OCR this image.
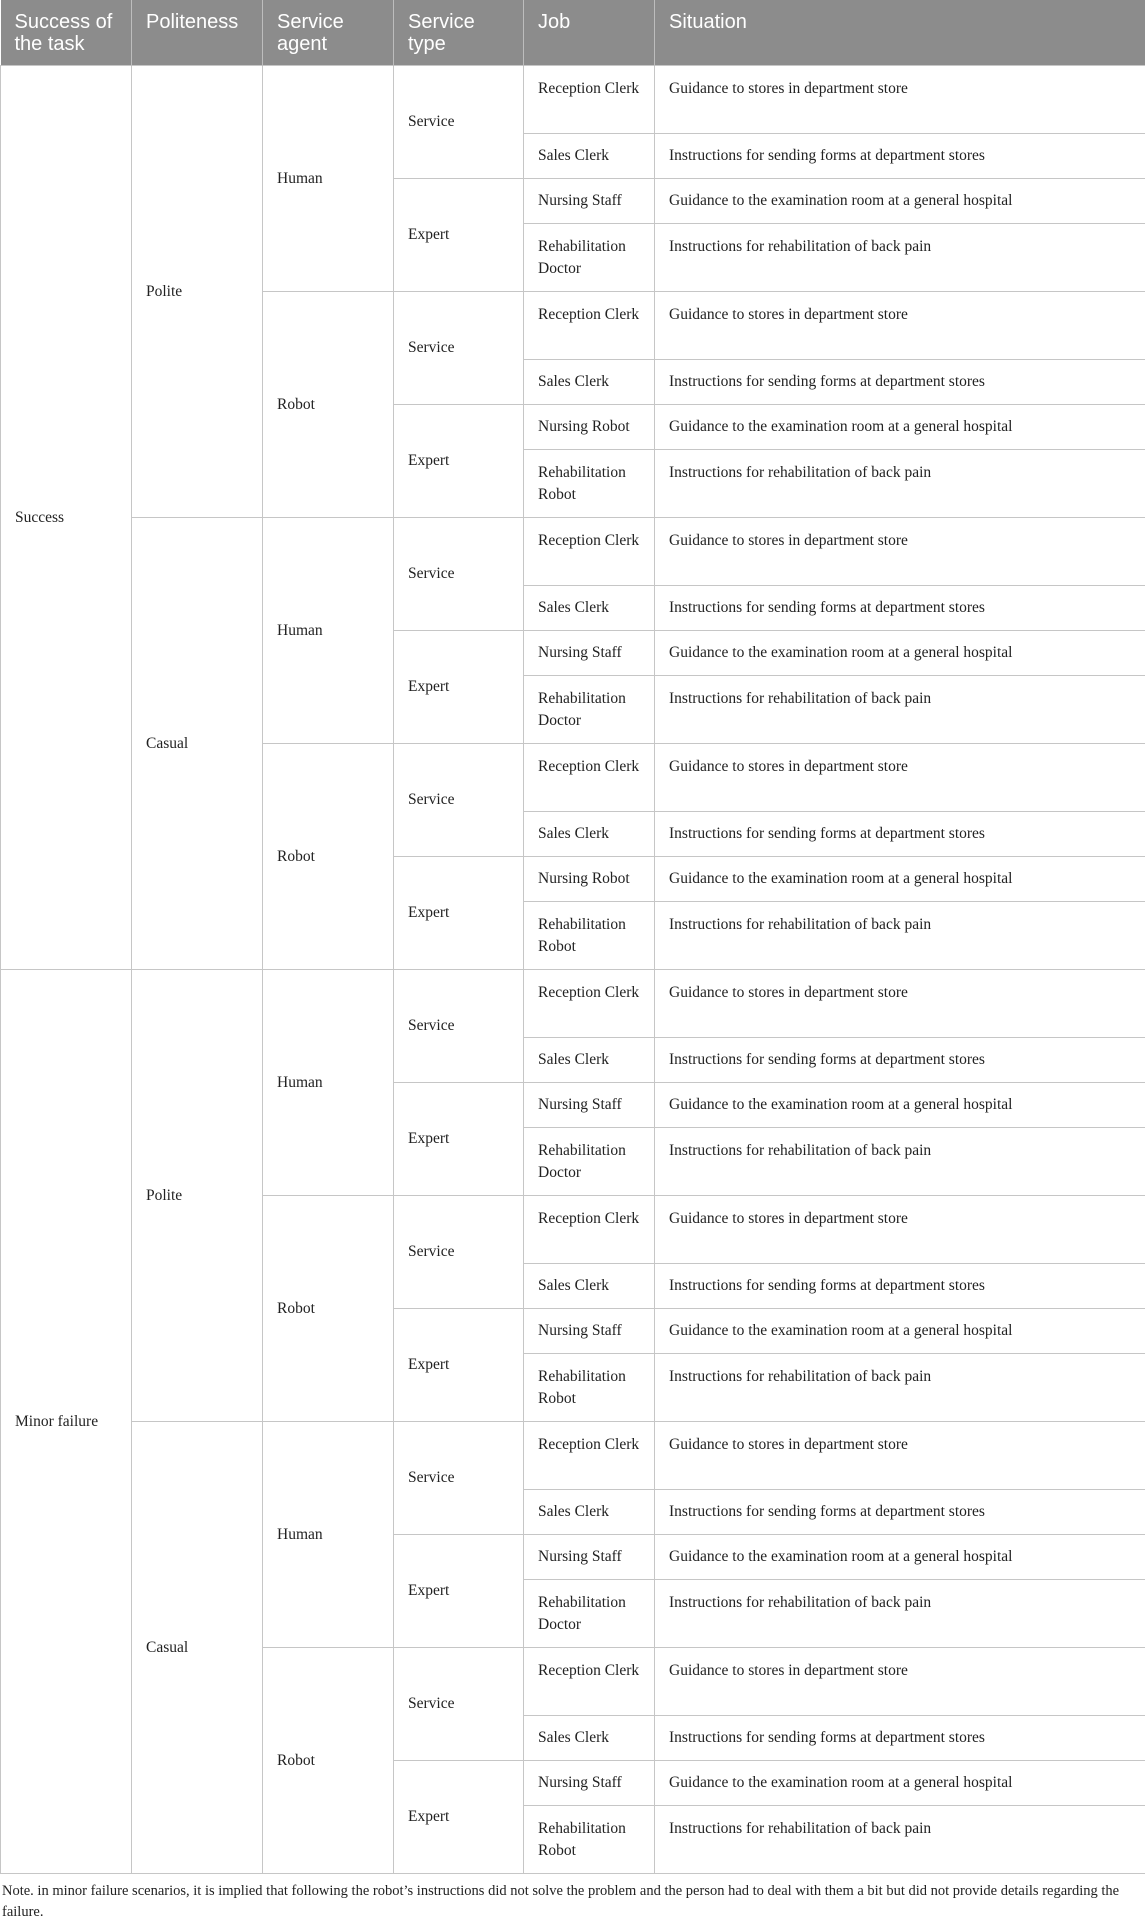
Success of the task	Politeness	Service agent	Service type	Job	Situation
Success	Polite	Human	Service	Reception Clerk	Guidance to stores in department store
				Sales Clerk	Instructions for sending forms at department stores
			Expert	Nursing Staff	Guidance to the examination room at a general hospital
				Rehabilitation Doctor	Instructions for rehabilitation of back pain
		Robot	Service	Reception Clerk	Guidance to stores in department store
				Sales Clerk	Instructions for sending forms at department stores
			Expert	Nursing Robot	Guidance to the examination room at a general hospital
				Rehabilitation Robot	Instructions for rehabilitation of back pain
	Casual	Human	Service	Reception Clerk	Guidance to stores in department store
				Sales Clerk	Instructions for sending forms at department stores
			Expert	Nursing Staff	Guidance to the examination room at a general hospital
				Rehabilitation Doctor	Instructions for rehabilitation of back pain
		Robot	Service	Reception Clerk	Guidance to stores in department store
				Sales Clerk	Instructions for sending forms at department stores
			Expert	Nursing Robot	Guidance to the examination room at a general hospital
				Rehabilitation Robot	Instructions for rehabilitation of back pain
Minor failure	Polite	Human	Service	Reception Clerk	Guidance to stores in department store
				Sales Clerk	Instructions for sending forms at department stores
			Expert	Nursing Staff	Guidance to the examination room at a general hospital
				Rehabilitation Doctor	Instructions for rehabilitation of back pain
		Robot	Service	Reception Clerk	Guidance to stores in department store
				Sales Clerk	Instructions for sending forms at department stores
			Expert	Nursing Staff	Guidance to the examination room at a general hospital
				Rehabilitation Robot	Instructions for rehabilitation of back pain
	Casual	Human	Service	Reception Clerk	Guidance to stores in department store
				Sales Clerk	Instructions for sending forms at department stores
			Expert	Nursing Staff	Guidance to the examination room at a general hospital
				Rehabilitation Doctor	Instructions for rehabilitation of back pain
		Robot	Service	Reception Clerk	Guidance to stores in department store
				Sales Clerk	Instructions for sending forms at department stores
			Expert	Nursing Staff	Guidance to the examination room at a general hospital
				Rehabilitation Robot	Instructions for rehabilitation of back pain
Note. in minor failure scenarios, it is implied that following the robot’s instructions did not solve the problem and the person had to deal with them a bit but did not provide details regarding the failure.
